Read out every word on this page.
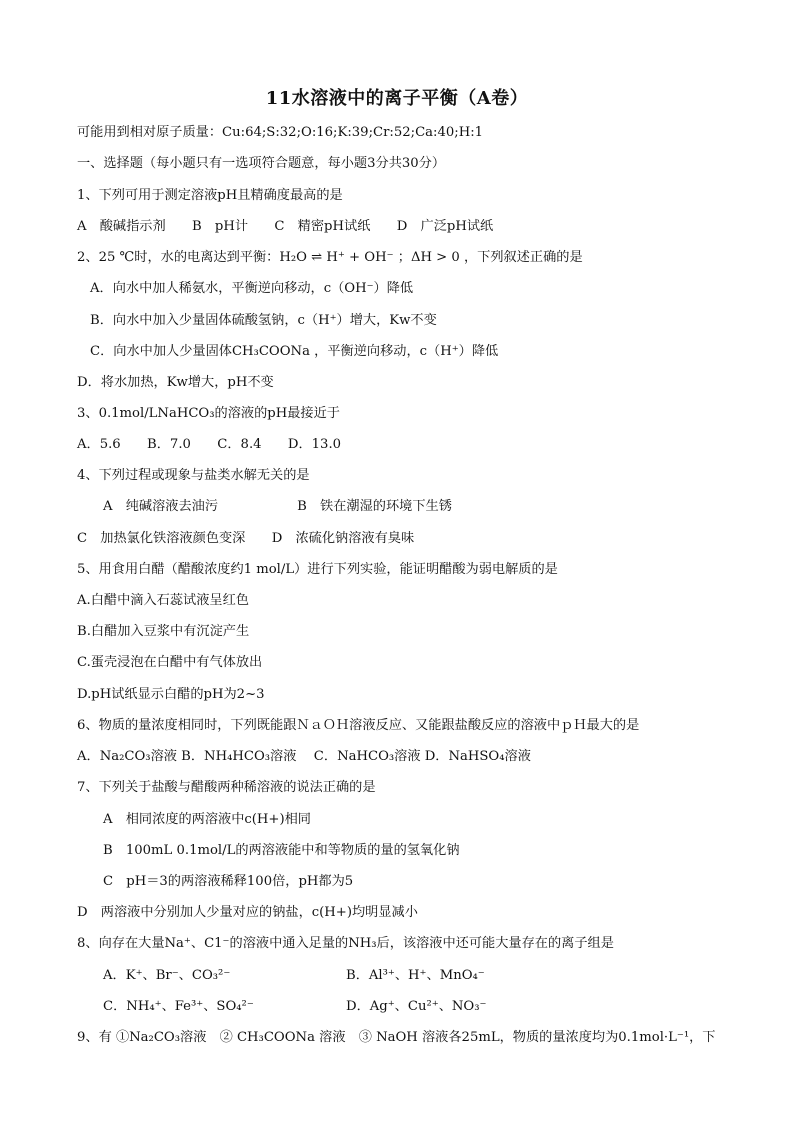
11水溶液中的离子平衡（A卷）
可能用到相对原子质量：Cu:64;S:32;O:16;K:39;Cr:52;Ca:40;H:1
一、选择题（每小题只有一选项符合题意，每小题3分共30分）
1、下列可用于测定溶液pH且精确度最高的是
A　酸碱指示剂　　B　pH计　　C　精密pH试纸　　D　广泛pH试纸
2、25 ℃时，水的电离达到平衡：H₂O ⇌ H⁺ + OH⁻ ；ΔH > 0 ，下列叙述正确的是
A．向水中加人稀氨水，平衡逆向移动，c（OH⁻）降低
B．向水中加入少量固体硫酸氢钠，c（H⁺）增大，Kw不变
C．向水中加人少量固体CH₃COONa ，平衡逆向移动，c（H⁺）降低
D．将水加热，Kw增大，pH不变
3、0.1mol/LNaHCO₃的溶液的pH最接近于
A．5.6　　B．7.0　　C．8.4　　D．13.0
4、下列过程或现象与盐类水解无关的是
A　纯碱溶液去油污　　　　　　B　铁在潮湿的环境下生锈
C　加热氯化铁溶液颜色变深　　D　浓硫化钠溶液有臭味
5、用食用白醋（醋酸浓度约1 mol/L）进行下列实验，能证明醋酸为弱电解质的是
A.白醋中滴入石蕊试液呈红色
B.白醋加入豆浆中有沉淀产生
C.蛋壳浸泡在白醋中有气体放出
D.pH试纸显示白醋的pH为2~3
6、物质的量浓度相同时，下列既能跟ＮａＯＨ溶液反应、又能跟盐酸反应的溶液中ｐＨ最大的是
A．Na₂CO₃溶液 B．NH₄HCO₃溶液　 C．NaHCO₃溶液 D．NaHSO₄溶液
7、下列关于盐酸与醋酸两种稀溶液的说法正确的是
A　相同浓度的两溶液中c(H+)相同
B　100mL 0.1mol/L的两溶液能中和等物质的量的氢氧化钠
C　pH＝3的两溶液稀释100倍，pH都为5
D　两溶液中分别加人少量对应的钠盐，c(H+)均明显减小
8、向存在大量Na⁺、C1⁻的溶液中通入足量的NH₃后，该溶液中还可能大量存在的离子组是
A．K⁺、Br⁻、CO₃²⁻	B．Al³⁺、H⁺、MnO₄⁻
C．NH₄⁺、Fe³⁺、SO₄²⁻	D．Ag⁺、Cu²⁺、NO₃⁻
9、有 ①Na₂CO₃溶液　② CH₃COONa 溶液　③ NaOH 溶液各25mL，物质的量浓度均为0.1mol·L⁻¹，下
